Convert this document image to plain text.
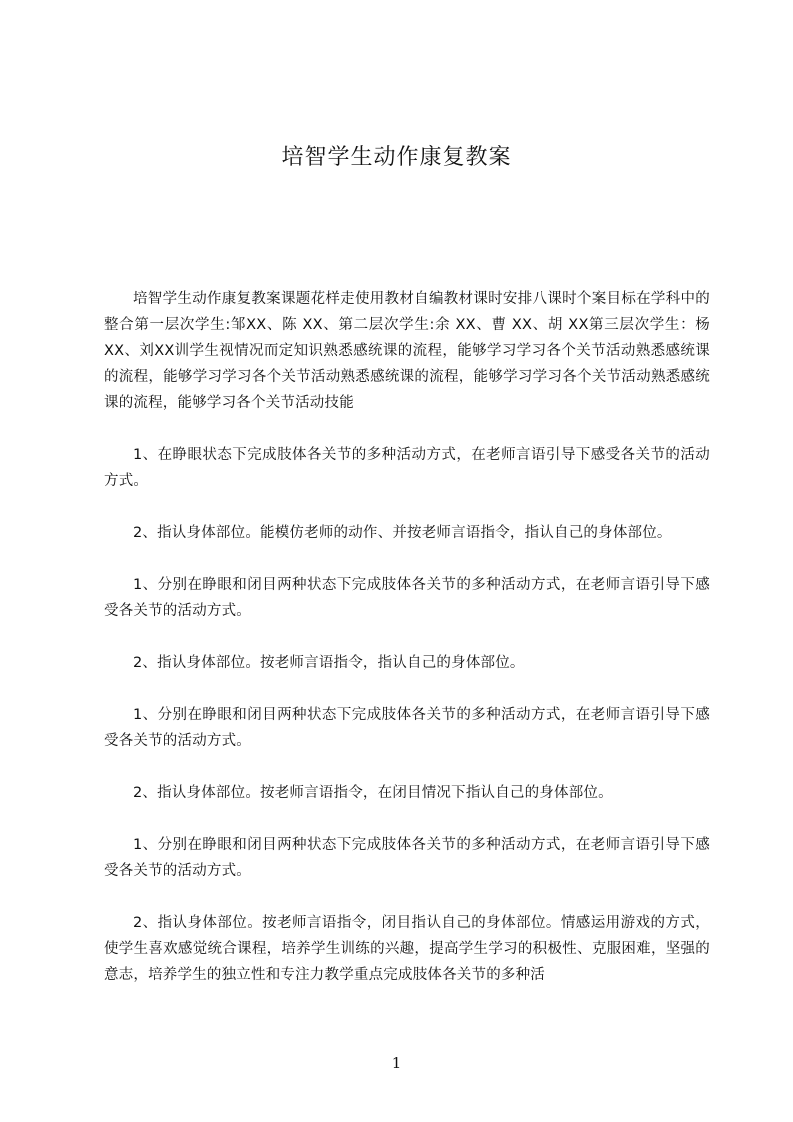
培智学生动作康复教案

培智学生动作康复教案课题花样走使用教材自编教材课时安排八课时个案目标在学科中的整合第一层次学生:邹XX、陈 XX、第二层次学生:余 XX、曹 XX、胡 XX第三层次学生：杨XX、刘XX训学生视情况而定知识熟悉感统课的流程，能够学习学习各个关节活动熟悉感统课的流程，能够学习学习各个关节活动熟悉感统课的流程，能够学习学习各个关节活动熟悉感统课的流程，能够学习各个关节活动技能

1、在睁眼状态下完成肢体各关节的多种活动方式，在老师言语引导下感受各关节的活动方式。

2、指认身体部位。能模仿老师的动作、并按老师言语指令，指认自己的身体部位。

1、分别在睁眼和闭目两种状态下完成肢体各关节的多种活动方式，在老师言语引导下感受各关节的活动方式。

2、指认身体部位。按老师言语指令，指认自己的身体部位。

1、分别在睁眼和闭目两种状态下完成肢体各关节的多种活动方式，在老师言语引导下感受各关节的活动方式。

2、指认身体部位。按老师言语指令，在闭目情况下指认自己的身体部位。

1、分别在睁眼和闭目两种状态下完成肢体各关节的多种活动方式，在老师言语引导下感受各关节的活动方式。

2、指认身体部位。按老师言语指令，闭目指认自己的身体部位。情感运用游戏的方式，使学生喜欢感觉统合课程，培养学生训练的兴趣，提高学生学习的积极性、克服困难，坚强的意志，培养学生的独立性和专注力教学重点完成肢体各关节的多种活

1
